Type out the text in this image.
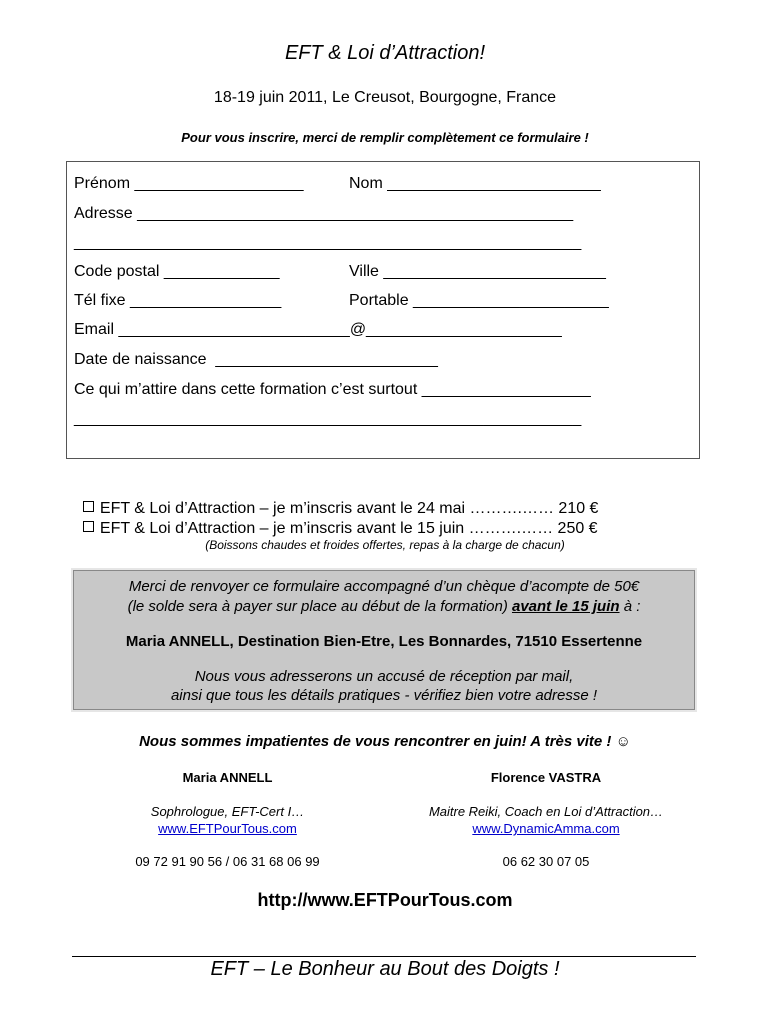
EFT & Loi d’Attraction!
18-19 juin 2011, Le Creusot, Bourgogne, France
Pour vous inscrire, merci de remplir complètement ce formulaire !
Prénom ___________________	Nom ________________________
Adresse _________________________________________________
_________________________________________________________
Code postal _____________	Ville _________________________
Tél fixe _________________	Portable ______________________
Email __________________________@______________________
Date de naissance  _________________________
Ce qui m’attire dans cette formation c’est surtout ___________________
_________________________________________________________

EFT & Loi d’Attraction – je m’inscris avant le 24 mai ……….…… 210 €

EFT & Loi d’Attraction – je m’inscris avant le 15 juin ……….…… 250 €

(Boissons chaudes et froides offertes, repas à la charge de chacun)
Merci de renvoyer ce formulaire accompagné d’un chèque d’acompte de 50€
(le solde sera à payer sur place au début de la formation) avant le 15 juin à :
Maria ANNELL, Destination Bien-Etre, Les Bonnardes, 71510 Essertenne
Nous vous adresserons un accusé de réception par mail,
ainsi que tous les détails pratiques - vérifiez bien votre adresse !
Nous sommes impatientes de vous rencontrer en juin! A très vite ! ☺
Maria ANNELL	Florence VASTRA
Sophrologue, EFT-Cert I…	Maitre Reiki, Coach en Loi d’Attraction…
www.EFTPourTous.com	www.DynamicAmma.com
09 72 91 90 56 / 06 31 68 06 99	06 62 30 07 05
http://www.EFTPourTous.com
EFT – Le Bonheur au Bout des Doigts !
